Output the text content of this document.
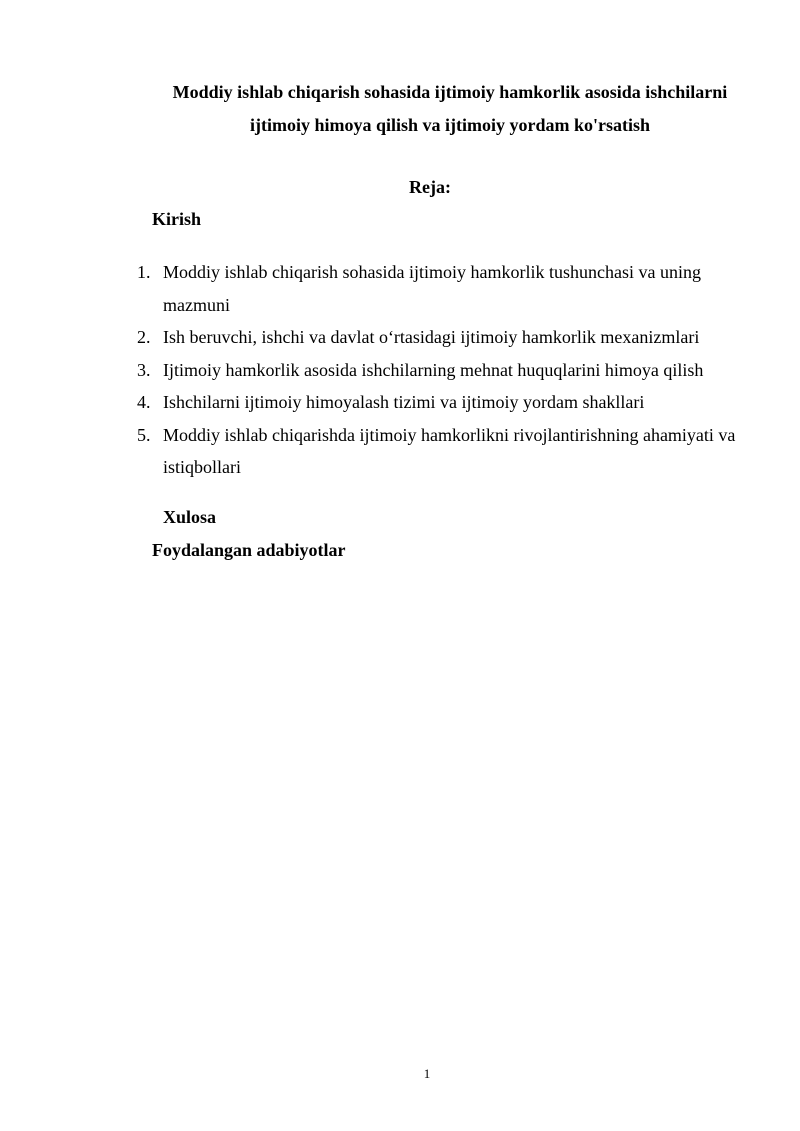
Moddiy ishlab chiqarish sohasida ijtimoiy hamkorlik asosida ishchilarni
ijtimoiy himoya qilish va ijtimoiy yordam ko'rsatish
Reja:
Kirish
1. Moddiy ishlab chiqarish sohasida ijtimoiy hamkorlik tushunchasi va uning mazmuni
2. Ish beruvchi, ishchi va davlat o‘rtasidagi ijtimoiy hamkorlik mexanizmlari
3. Ijtimoiy hamkorlik asosida ishchilarning mehnat huquqlarini himoya qilish
4. Ishchilarni ijtimoiy himoyalash tizimi va ijtimoiy yordam shakllari
5. Moddiy ishlab chiqarishda ijtimoiy hamkorlikni rivojlantirishning ahamiyati va istiqbollari
Xulosa
Foydalangan adabiyotlar
1
